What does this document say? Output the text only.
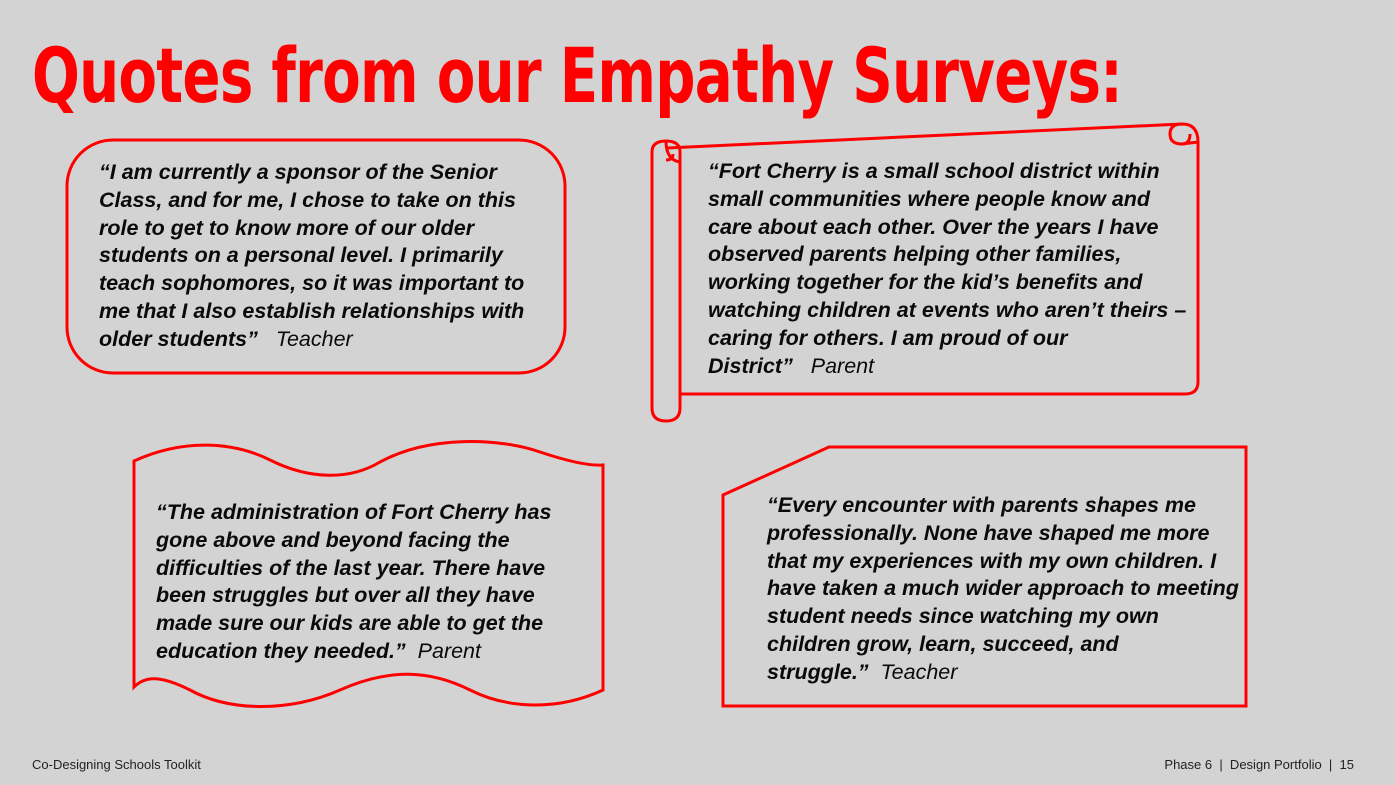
Quotes from our Empathy Surveys:

“I am currently a sponsor of the Senior Class, and for me, I chose to take on this role to get to know more of our older students on a personal level. I primarily teach sophomores, so it was important to me that I also establish relationships with older students” Teacher

“Fort Cherry is a small school district within small communities where people know and care about each other. Over the years I have observed parents helping other families, working together for the kid’s benefits and watching children at events who aren’t theirs – caring for others. I am proud of our District” Parent

“The administration of Fort Cherry has gone above and beyond facing the difficulties of the last year. There have been struggles but over all they have made sure our kids are able to get the education they needed.” Parent

“Every encounter with parents shapes me professionally. None have shaped me more that my experiences with my own children. I have taken a much wider approach to meeting student needs since watching my own children grow, learn, succeed, and struggle.” Teacher

Co-Designing Schools Toolkit	Phase 6  |  Design Portfolio  |  15
